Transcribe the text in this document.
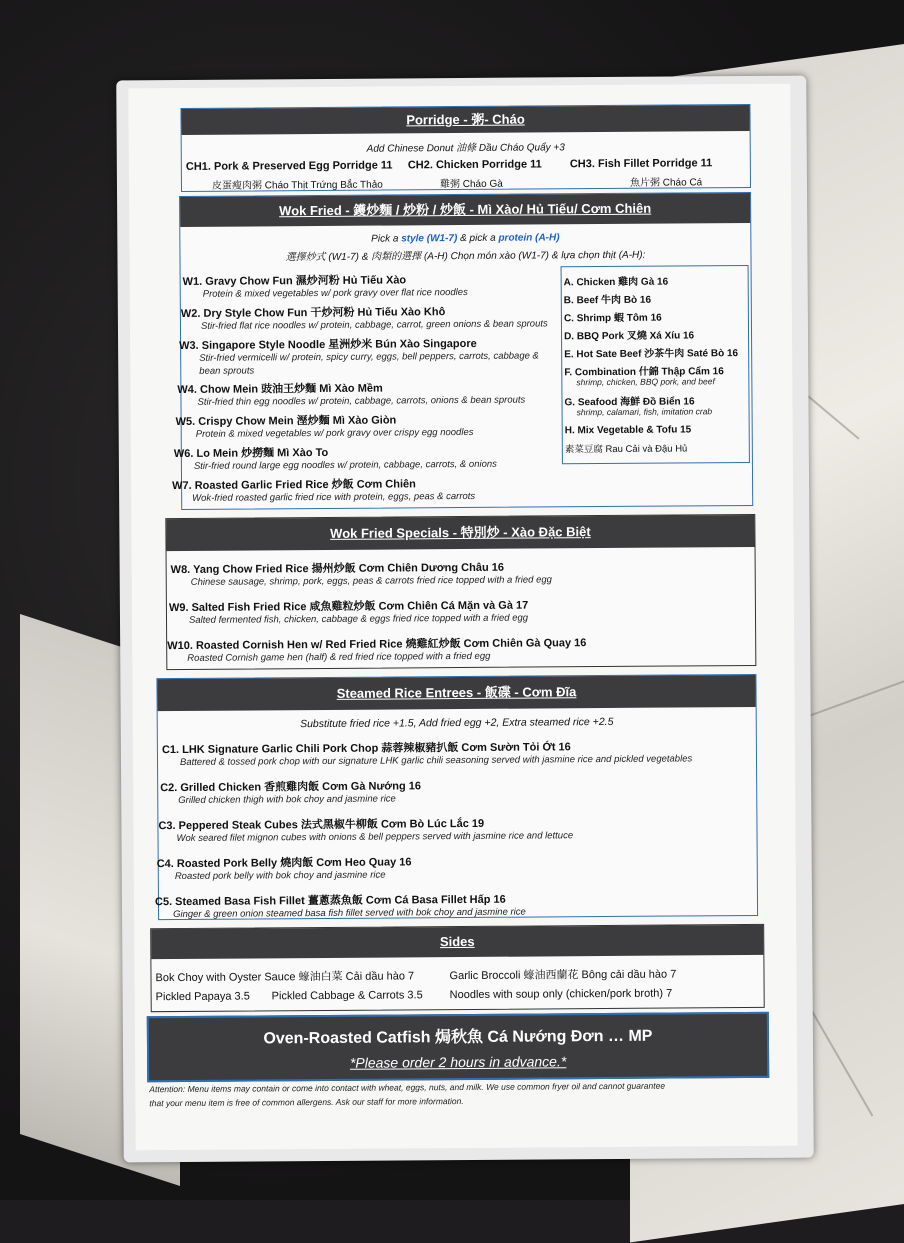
Porridge - 粥- Cháo
Add Chinese Donut 油條 Dầu Cháo Quẩy +3
CH1. Pork & Preserved Egg Porridge 11
皮蛋瘦肉粥 Cháo Thịt Trứng Bắc Thảo
CH2. Chicken Porridge 11
雞粥 Cháo Gà
CH3. Fish Fillet Porridge 11
魚片粥 Cháo Cá
Wok Fried - 鑊炒麵 / 炒粉 / 炒飯 - Mì Xào/ Hủ Tiếu/ Cơm Chiên
Pick a style (W1-7) & pick a protein (A-H)
選擇炒式 (W1-7) & 肉類的選擇 (A-H) Chọn món xào (W1-7) & lựa chọn thịt (A-H):
W1. Gravy Chow Fun 濕炒河粉 Hủ Tiếu Xào
Protein & mixed vegetables w/ pork gravy over flat rice noodles
W2. Dry Style Chow Fun 干炒河粉 Hủ Tiếu Xào Khô
Stir-fried flat rice noodles w/ protein, cabbage, carrot, green onions & bean sprouts
W3. Singapore Style Noodle 星洲炒米 Bún Xào Singapore
Stir-fried vermicelli w/ protein, spicy curry, eggs, bell peppers, carrots, cabbage &
bean sprouts
W4. Chow Mein 豉油王炒麵 Mì Xào Mềm
Stir-fried thin egg noodles w/ protein, cabbage, carrots, onions & bean sprouts
W5. Crispy Chow Mein 溼炒麵 Mì Xào Giòn
Protein & mixed vegetables w/ pork gravy over crispy egg noodles
W6. Lo Mein 炒撈麵 Mì Xào To
Stir-fried round large egg noodles w/ protein, cabbage, carrots, & onions
W7. Roasted Garlic Fried Rice 炒飯 Cơm Chiên
Wok-fried roasted garlic fried rice with protein, eggs, peas & carrots
A. Chicken 雞肉 Gà 16
B. Beef 牛肉 Bò 16
C. Shrimp 蝦 Tôm 16
D. BBQ Pork 叉燒 Xá Xíu 16
E. Hot Sate Beef 沙茶牛肉 Saté Bò 16
F. Combination 什錦 Thập Cẩm 16
shrimp, chicken, BBQ pork, and beef
G. Seafood 海鮮 Đồ Biển 16
shrimp, calamari, fish, imitation crab
H. Mix Vegetable & Tofu 15
素菜豆腐 Rau Cải và Đậu Hủ
Wok Fried Specials - 特別炒 - Xào Đặc Biệt
W8. Yang Chow Fried Rice 揚州炒飯 Cơm Chiên Dương Châu 16
Chinese sausage, shrimp, pork, eggs, peas & carrots fried rice topped with a fried egg
W9. Salted Fish Fried Rice 咸魚雞粒炒飯 Cơm Chiên Cá Mặn và Gà 17
Salted fermented fish, chicken, cabbage & eggs fried rice topped with a fried egg
W10. Roasted Cornish Hen w/ Red Fried Rice 燒雞紅炒飯 Cơm Chiên Gà Quay 16
Roasted Cornish game hen (half) & red fried rice topped with a fried egg
Steamed Rice Entrees - 飯碟 - Cơm Đĩa
Substitute fried rice +1.5, Add fried egg +2, Extra steamed rice +2.5
C1. LHK Signature Garlic Chili Pork Chop 蒜蓉辣椒豬扒飯 Cơm Sườn Tỏi Ớt 16
Battered & tossed pork chop with our signature LHK garlic chili seasoning served with jasmine rice and pickled vegetables
C2. Grilled Chicken 香煎雞肉飯 Cơm Gà Nướng 16
Grilled chicken thigh with bok choy and jasmine rice
C3. Peppered Steak Cubes 法式黑椒牛柳飯 Cơm Bò Lúc Lắc 19
Wok seared filet mignon cubes with onions & bell peppers served with jasmine rice and lettuce
C4. Roasted Pork Belly 燒肉飯 Cơm Heo Quay 16
Roasted pork belly with bok choy and jasmine rice
C5. Steamed Basa Fish Fillet 薑蔥蒸魚飯 Cơm Cá Basa Fillet Hấp 16
Ginger & green onion steamed basa fish fillet served with bok choy and jasmine rice
Sides
Bok Choy with Oyster Sauce 蠔油白菜 Cải dầu hào 7	Garlic Broccoli 蠔油西蘭花 Bông cải dầu hào 7
Pickled Papaya 3.5 Pickled Cabbage & Carrots 3.5 Noodles with soup only (chicken/pork broth) 7
Oven-Roasted Catfish 焗秋魚 Cá Nướng Đơn … MP
*Please order 2 hours in advance.*
Attention: Menu items may contain or come into contact with wheat, eggs, nuts, and milk. We use common fryer oil and cannot guarantee
that your menu item is free of common allergens. Ask our staff for more information.
